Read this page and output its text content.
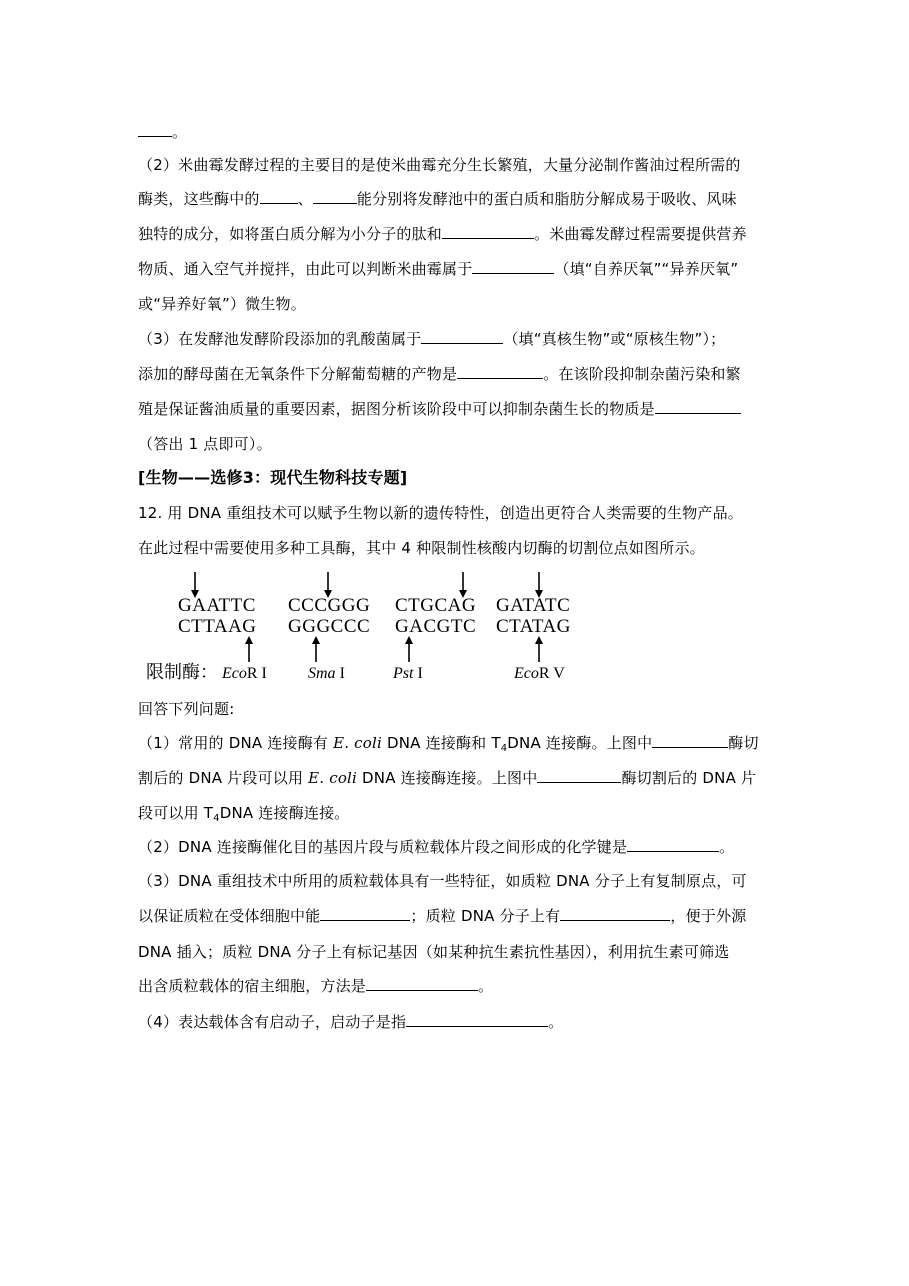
。
（2）米曲霉发酵过程的主要目的是使米曲霉充分生长繁殖，大量分泌制作酱油过程所需的
酶类，这些酶中的	、	能分别将发酵池中的蛋白质和脂肪分解成易于吸收、风味
独特的成分，如将蛋白质分解为小分子的肽和	。米曲霉发酵过程需要提供营养
物质、通入空气并搅拌，由此可以判断米曲霉属于	（填“自养厌氧”“异养厌氧”
或“异养好氧”）微生物。
（3）在发酵池发酵阶段添加的乳酸菌属于	（填“真核生物”或“原核生物”）；
添加的酵母菌在无氧条件下分解葡萄糖的产物是	。在该阶段抑制杂菌污染和繁
殖是保证酱油质量的重要因素，据图分析该阶段中可以抑制杂菌生长的物质是
（答出 1 点即可）。
[生物——选修3：现代生物科技专题]
12. 用 DNA 重组技术可以赋予生物以新的遗传特性，创造出更符合人类需要的生物产品。
在此过程中需要使用多种工具酶，其中 4 种限制性核酸内切酶的切割位点如图所示。
GAATTC
CTTAAG
CCCGGG
GGGCCC
CTGCAG
GACGTC
GATATC
CTATAG
限制酶： EcoR I	Sma I	Pst I	EcoR V
回答下列问题:
（1）常用的 DNA 连接酶有 E. coli DNA 连接酶和 $T_4DNA$ 连接酶。上图中	酶切
割后的 DNA 片段可以用 E. coli DNA 连接酶连接。上图中	酶切割后的 DNA 片
段可以用 $T_4DNA$ 连接酶连接。
（2）DNA 连接酶催化目的基因片段与质粒载体片段之间形成的化学键是	。
（3）DNA 重组技术中所用的质粒载体具有一些特征，如质粒 DNA 分子上有复制原点，可
以保证质粒在受体细胞中能	；质粒 DNA 分子上有	，便于外源
DNA 插入；质粒 DNA 分子上有标记基因（如某种抗生素抗性基因），利用抗生素可筛选
出含质粒载体的宿主细胞，方法是	。
（4）表达载体含有启动子，启动子是指	。
